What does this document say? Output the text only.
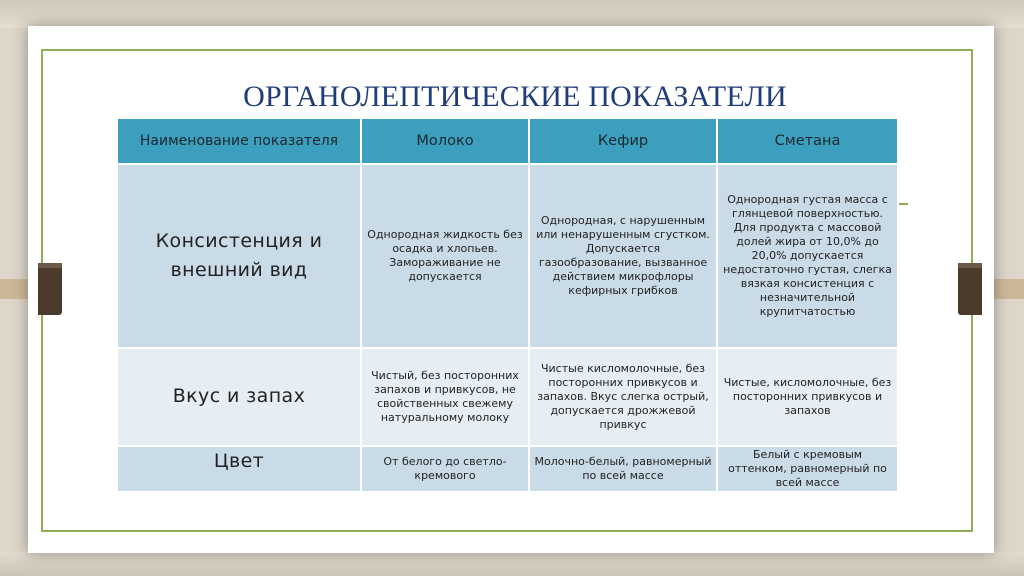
ОРГАНОЛЕПТИЧЕСКИЕ ПОКАЗАТЕЛИ
Наименование показателя	Молоко	Кефир	Сметана
Консистенция и внешний вид	Однородная жидкость без осадка и хлопьев. Замораживание не допускается	Однородная, с нарушенным или ненарушенным сгустком. Допускается газообразование, вызванное действием микрофлоры кефирных грибков	Однородная густая масса с глянцевой поверхностью. Для продукта с массовой долей жира от 10,0% до 20,0% допускается недостаточно густая, слегка вязкая консистенция с незначительной крупитчатостью
Вкус и запах	Чистый, без посторонних запахов и привкусов, не свойственных свежему натуральному молоку	Чистые кисломолочные, без посторонних привкусов и запахов. Вкус слегка острый, допускается дрожжевой привкус	Чистые, кисломолочные, без посторонних привкусов и запахов
Цвет	От белого до светло-кремового	Молочно-белый, равномерный по всей массе	Белый с кремовым оттенком, равномерный по всей массе
